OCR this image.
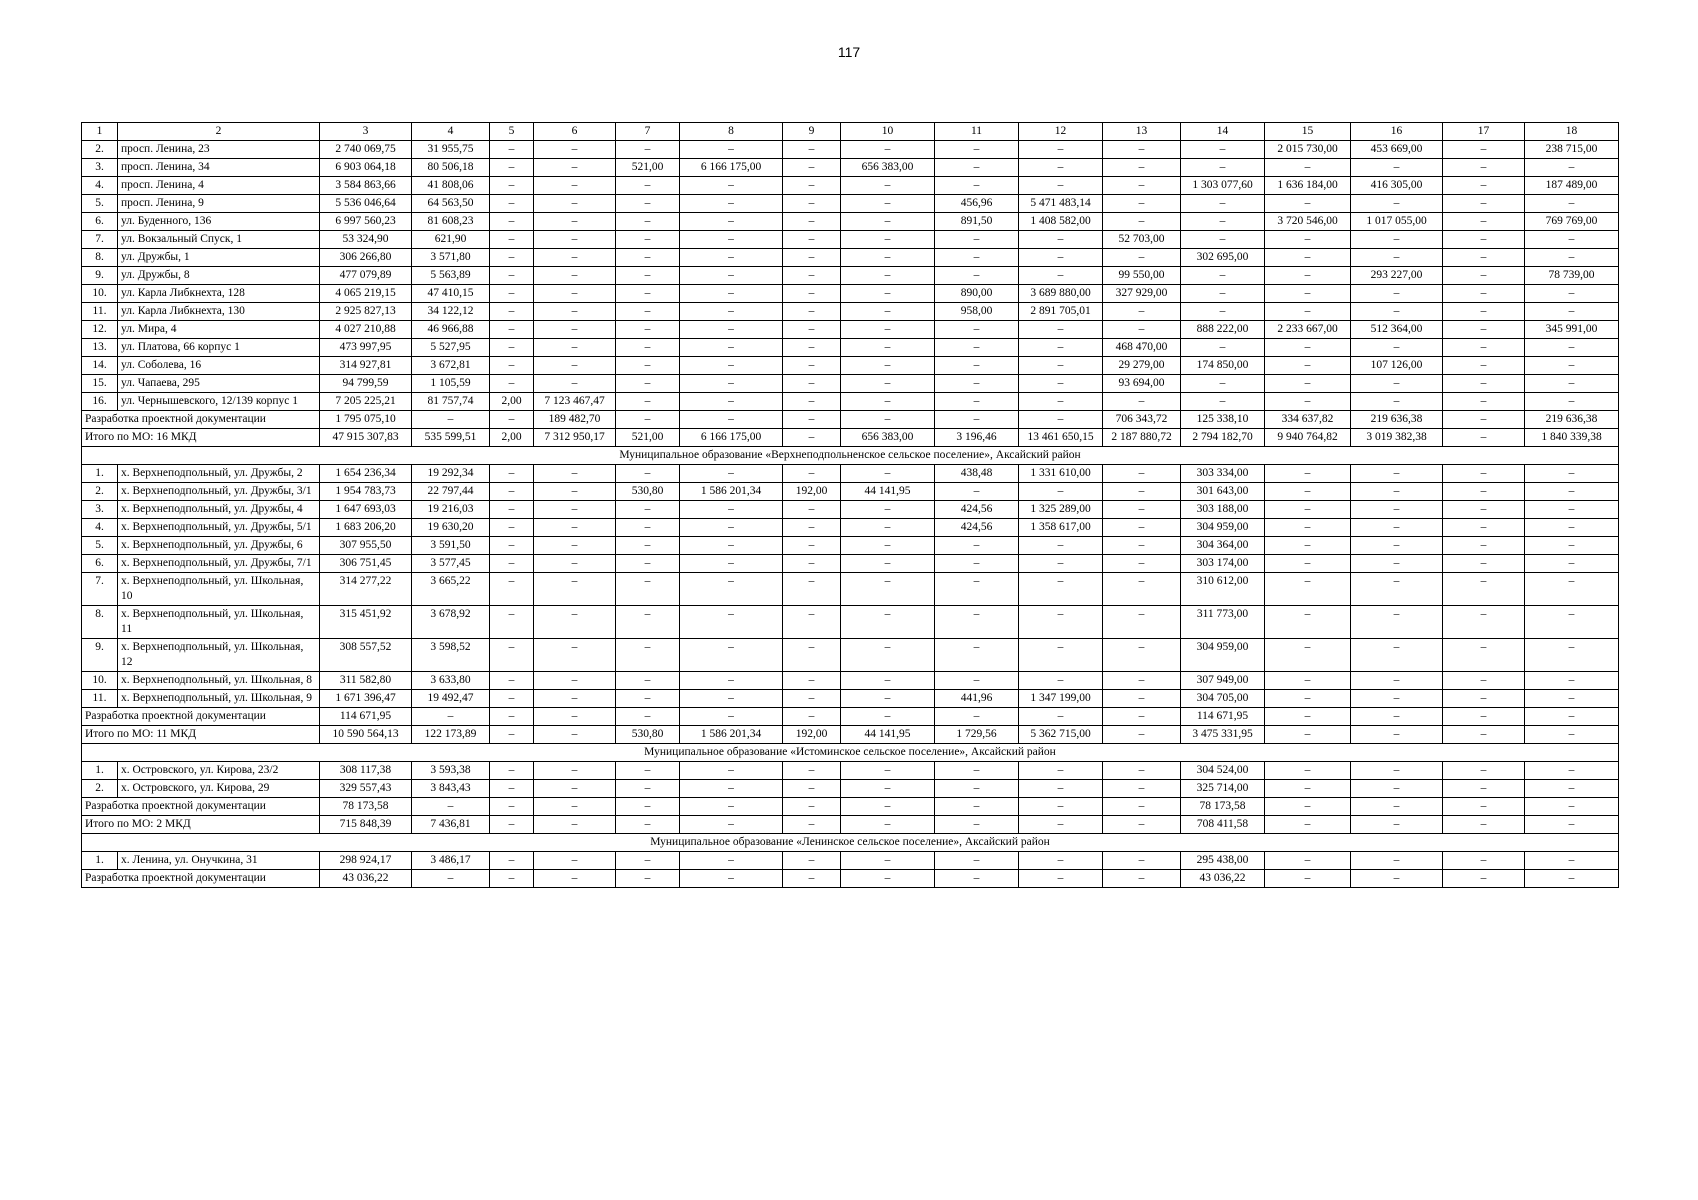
117
1	2	3	4	5	6	7	8	9	10	11	12	13	14	15	16	17	18
2.	просп. Ленина, 23	2 740 069,75	31 955,75	–	–	–	–	–	–	–	–	–	–	2 015 730,00	453 669,00	–	238 715,00
3.	просп. Ленина, 34	6 903 064,18	80 506,18	–	–	521,00	6 166 175,00	–	656 383,00	–	–	–	–	–	–	–	–
4.	просп. Ленина, 4	3 584 863,66	41 808,06	–	–	–	–	–	–	–	–	–	1 303 077,60	1 636 184,00	416 305,00	–	187 489,00
5.	просп. Ленина, 9	5 536 046,64	64 563,50	–	–	–	–	–	–	456,96	5 471 483,14	–	–	–	–	–	–
6.	ул. Буденного, 136	6 997 560,23	81 608,23	–	–	–	–	–	–	891,50	1 408 582,00	–	–	3 720 546,00	1 017 055,00	–	769 769,00
7.	ул. Вокзальный Спуск, 1	53 324,90	621,90	–	–	–	–	–	–	–	–	52 703,00	–	–	–	–	–
8.	ул. Дружбы, 1	306 266,80	3 571,80	–	–	–	–	–	–	–	–	–	302 695,00	–	–	–	–
9.	ул. Дружбы, 8	477 079,89	5 563,89	–	–	–	–	–	–	–	–	99 550,00	–	–	293 227,00	–	78 739,00
10.	ул. Карла Либкнехта, 128	4 065 219,15	47 410,15	–	–	–	–	–	–	890,00	3 689 880,00	327 929,00	–	–	–	–	–
11.	ул. Карла Либкнехта, 130	2 925 827,13	34 122,12	–	–	–	–	–	–	958,00	2 891 705,01	–	–	–	–	–	–
12.	ул. Мира, 4	4 027 210,88	46 966,88	–	–	–	–	–	–	–	–	–	888 222,00	2 233 667,00	512 364,00	–	345 991,00
13.	ул. Платова, 66 корпус 1	473 997,95	5 527,95	–	–	–	–	–	–	–	–	468 470,00	–	–	–	–	–
14.	ул. Соболева, 16	314 927,81	3 672,81	–	–	–	–	–	–	–	–	29 279,00	174 850,00	–	107 126,00	–	–
15.	ул. Чапаева, 295	94 799,59	1 105,59	–	–	–	–	–	–	–	–	93 694,00	–	–	–	–	–
16.	ул. Чернышевского, 12/139 корпус 1	7 205 225,21	81 757,74	2,00	7 123 467,47	–	–	–	–	–	–	–	–	–	–	–	–
Разработка проектной документации		1 795 075,10	–	–	189 482,70	–	–	–	–	–	–	706 343,72	125 338,10	334 637,82	219 636,38	–	219 636,38
Итого по МО: 16 МКД		47 915 307,83	535 599,51	2,00	7 312 950,17	521,00	6 166 175,00	–	656 383,00	3 196,46	13 461 650,15	2 187 880,72	2 794 182,70	9 940 764,82	3 019 382,38	–	1 840 339,38
Муниципальное образование «Верхнеподпольненское сельское поселение», Аксайский район																	
1.	х. Верхнеподпольный, ул. Дружбы, 2	1 654 236,34	19 292,34	–	–	–	–	–	–	438,48	1 331 610,00	–	303 334,00	–	–	–	–
2.	х. Верхнеподпольный, ул. Дружбы, 3/1	1 954 783,73	22 797,44	–	–	530,80	1 586 201,34	192,00	44 141,95	–	–	–	301 643,00	–	–	–	–
3.	х. Верхнеподпольный, ул. Дружбы, 4	1 647 693,03	19 216,03	–	–	–	–	–	–	424,56	1 325 289,00	–	303 188,00	–	–	–	–
4.	х. Верхнеподпольный, ул. Дружбы, 5/1	1 683 206,20	19 630,20	–	–	–	–	–	–	424,56	1 358 617,00	–	304 959,00	–	–	–	–
5.	х. Верхнеподпольный, ул. Дружбы, 6	307 955,50	3 591,50	–	–	–	–	–	–	–	–	–	304 364,00	–	–	–	–
6.	х. Верхнеподпольный, ул. Дружбы, 7/1	306 751,45	3 577,45	–	–	–	–	–	–	–	–	–	303 174,00	–	–	–	–
7.	х. Верхнеподпольный, ул. Школьная, 10	314 277,22	3 665,22	–	–	–	–	–	–	–	–	–	310 612,00	–	–	–	–
8.	х. Верхнеподпольный, ул. Школьная, 11	315 451,92	3 678,92	–	–	–	–	–	–	–	–	–	311 773,00	–	–	–	–
9.	х. Верхнеподпольный, ул. Школьная, 12	308 557,52	3 598,52	–	–	–	–	–	–	–	–	–	304 959,00	–	–	–	–
10.	х. Верхнеподпольный, ул. Школьная, 8	311 582,80	3 633,80	–	–	–	–	–	–	–	–	–	307 949,00	–	–	–	–
11.	х. Верхнеподпольный, ул. Школьная, 9	1 671 396,47	19 492,47	–	–	–	–	–	–	441,96	1 347 199,00	–	304 705,00	–	–	–	–
Разработка проектной документации		114 671,95	–	–	–	–	–	–	–	–	–	–	114 671,95	–	–	–	–
Итого по МО: 11 МКД		10 590 564,13	122 173,89	–	–	530,80	1 586 201,34	192,00	44 141,95	1 729,56	5 362 715,00	–	3 475 331,95	–	–	–	–
Муниципальное образование «Истоминское сельское поселение», Аксайский район																	
1.	х. Островского, ул. Кирова, 23/2	308 117,38	3 593,38	–	–	–	–	–	–	–	–	–	304 524,00	–	–	–	–
2.	х. Островского, ул. Кирова, 29	329 557,43	3 843,43	–	–	–	–	–	–	–	–	–	325 714,00	–	–	–	–
Разработка проектной документации		78 173,58	–	–	–	–	–	–	–	–	–	–	78 173,58	–	–	–	–
Итого по МО: 2 МКД		715 848,39	7 436,81	–	–	–	–	–	–	–	–	–	708 411,58	–	–	–	–
Муниципальное образование «Ленинское сельское поселение», Аксайский район																	
1.	х. Ленина, ул. Онучкина, 31	298 924,17	3 486,17	–	–	–	–	–	–	–	–	–	295 438,00	–	–	–	–
Разработка проектной документации		43 036,22	–	–	–	–	–	–	–	–	–	–	43 036,22	–	–	–	–
